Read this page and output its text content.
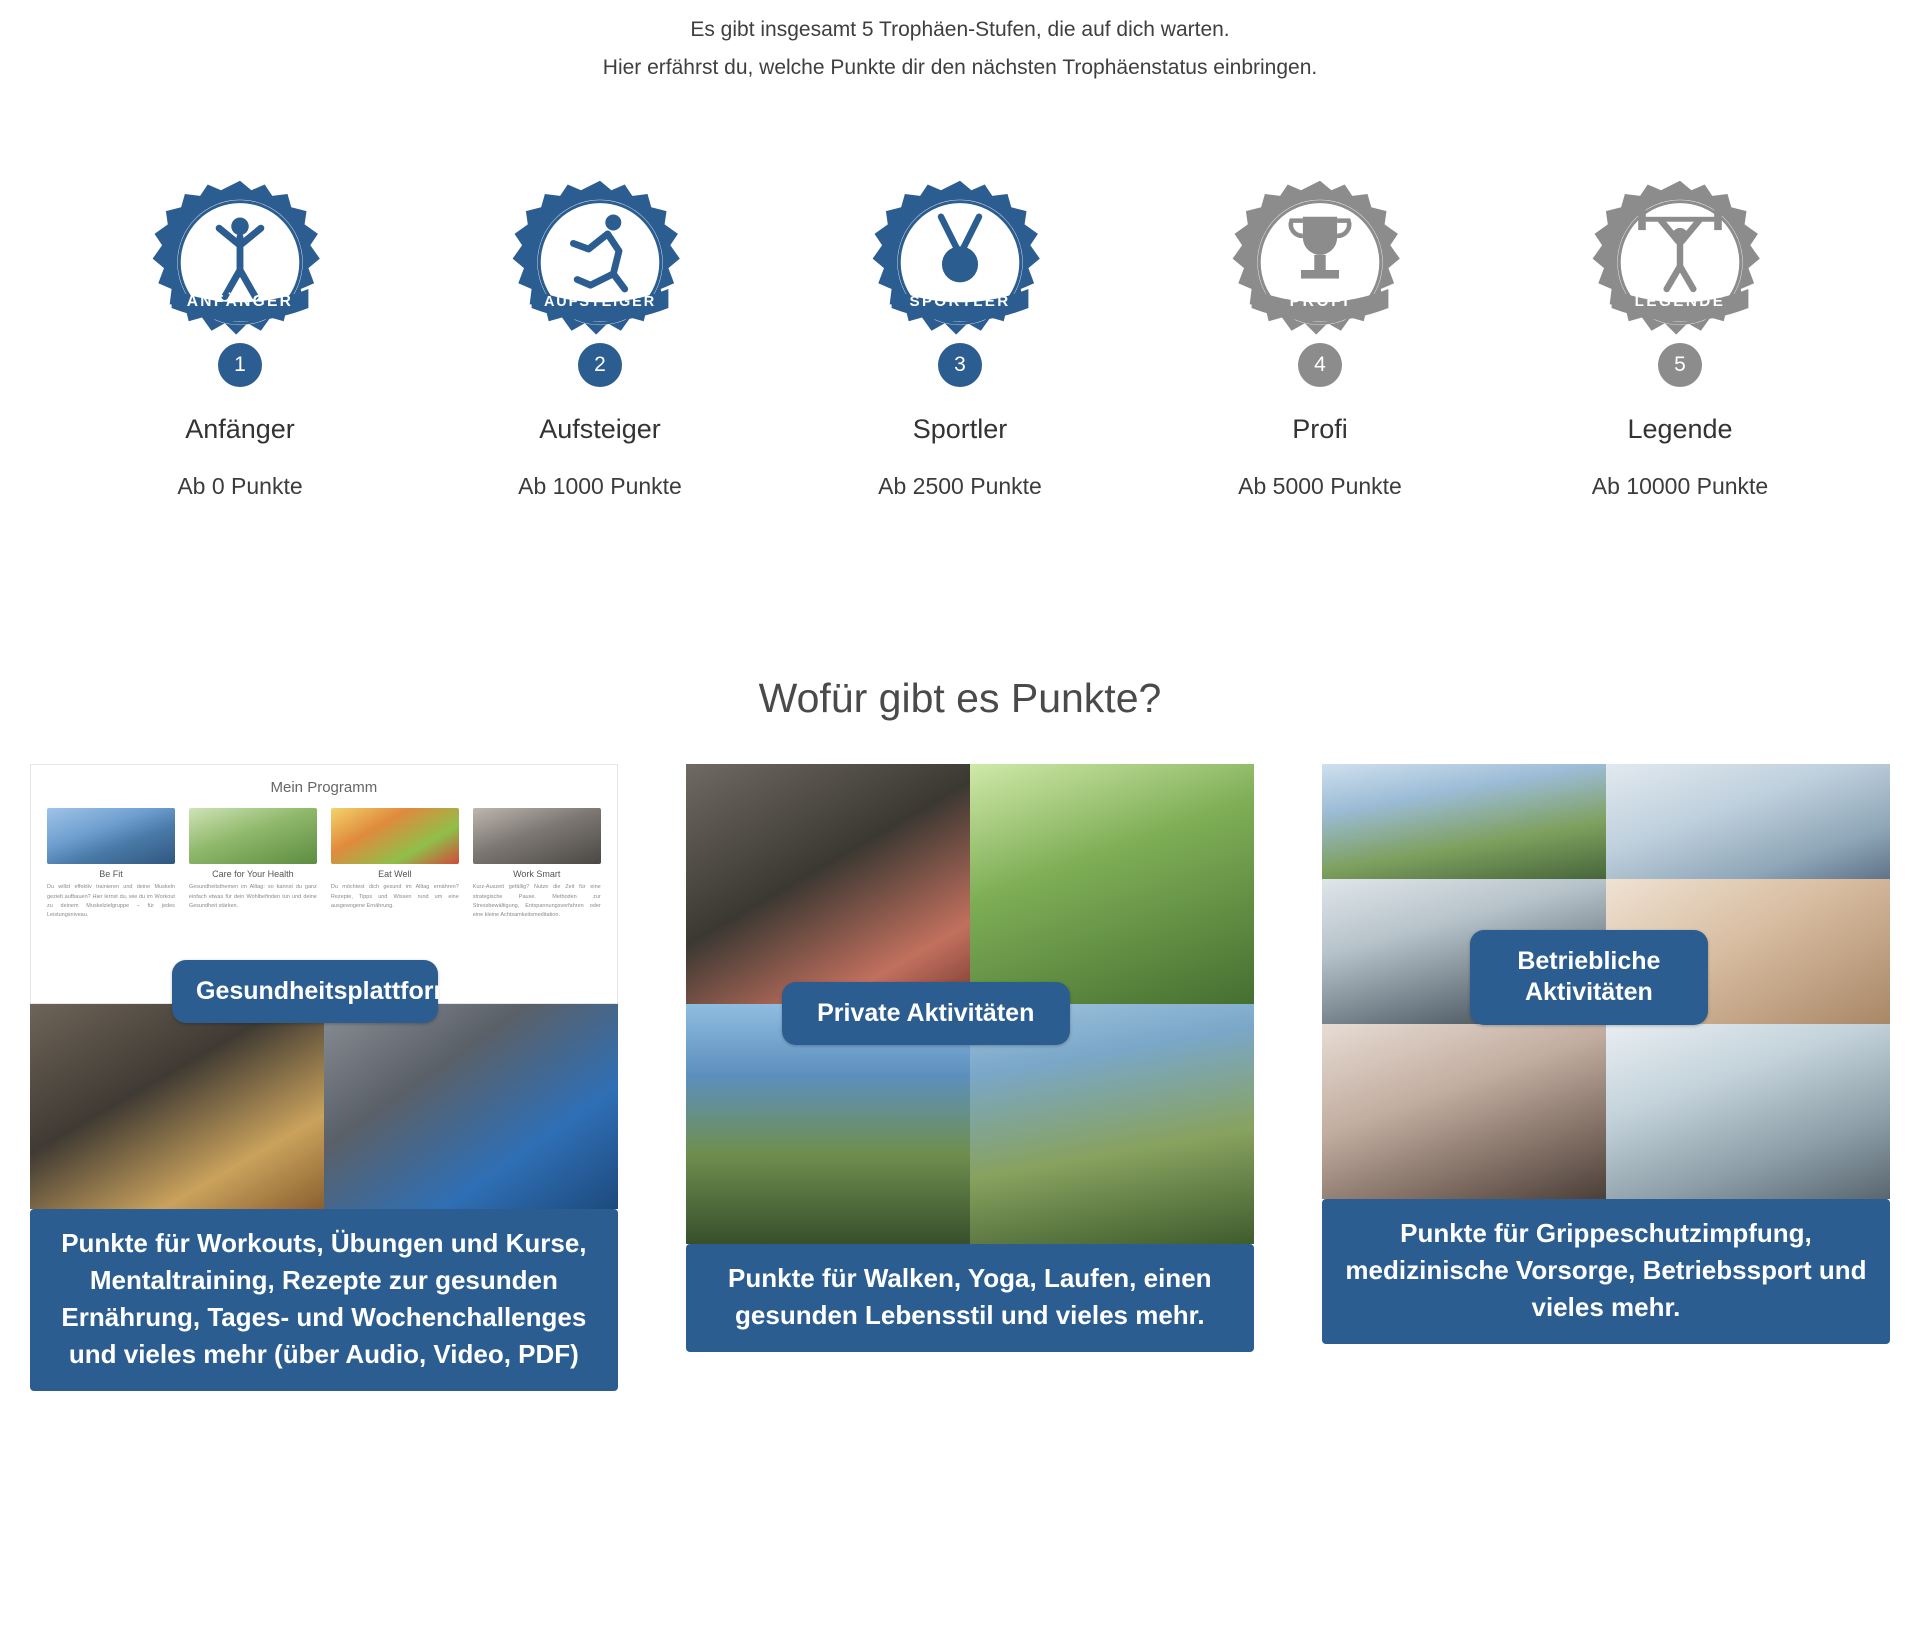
Es gibt insgesamt 5 Trophäen-Stufen, die auf dich warten.

Hier erfährst du, welche Punkte dir den nächsten Trophäenstatus einbringen.

ANFÄNGER
1
Anfänger
Ab 0 Punkte
AUFSTEIGER
2
Aufsteiger
Ab 1000 Punkte
SPORTLER
3
Sportler
Ab 2500 Punkte
PROFI
4
Profi
Ab 5000 Punkte
LEGENDE
5
Legende
Ab 10000 Punkte
Wofür gibt es Punkte?
Mein Programm
Be Fit
Du willst effektiv trainieren und deine Muskeln gezielt aufbauen? Hier lernst du, wie du im Workout zu deinem Muskelzielgruppe – für jedes Leistungsniveau.
Care for Your Health
Gesundheitsthemen im Alltag: so kannst du ganz einfach etwas für dein Wohlbefinden tun und deine Gesundheit stärken.
Eat Well
Du möchtest dich gesund im Alltag ernähren? Rezepte, Tipps und Wissen rund um eine ausgewogene Ernährung.
Work Smart
Kurz-Auszeit gefällig? Nutze die Zeit für eine strategische Pause. Methoden zur Stressbewältigung, Entspannungsverfahren oder eine kleine Achtsamkeitsmeditation.
Gesundheitsplattform
Punkte für Workouts, Übungen und Kurse, Mentaltraining, Rezepte zur gesunden Ernährung, Tages- und Wochenchallenges und vieles mehr (über Audio, Video, PDF)
Private Aktivitäten
Punkte für Walken, Yoga, Laufen, einen gesunden Lebensstil und vieles mehr.
Betriebliche Aktivitäten
Punkte für Grippeschutzimpfung, medizinische Vorsorge, Betriebssport und vieles mehr.
